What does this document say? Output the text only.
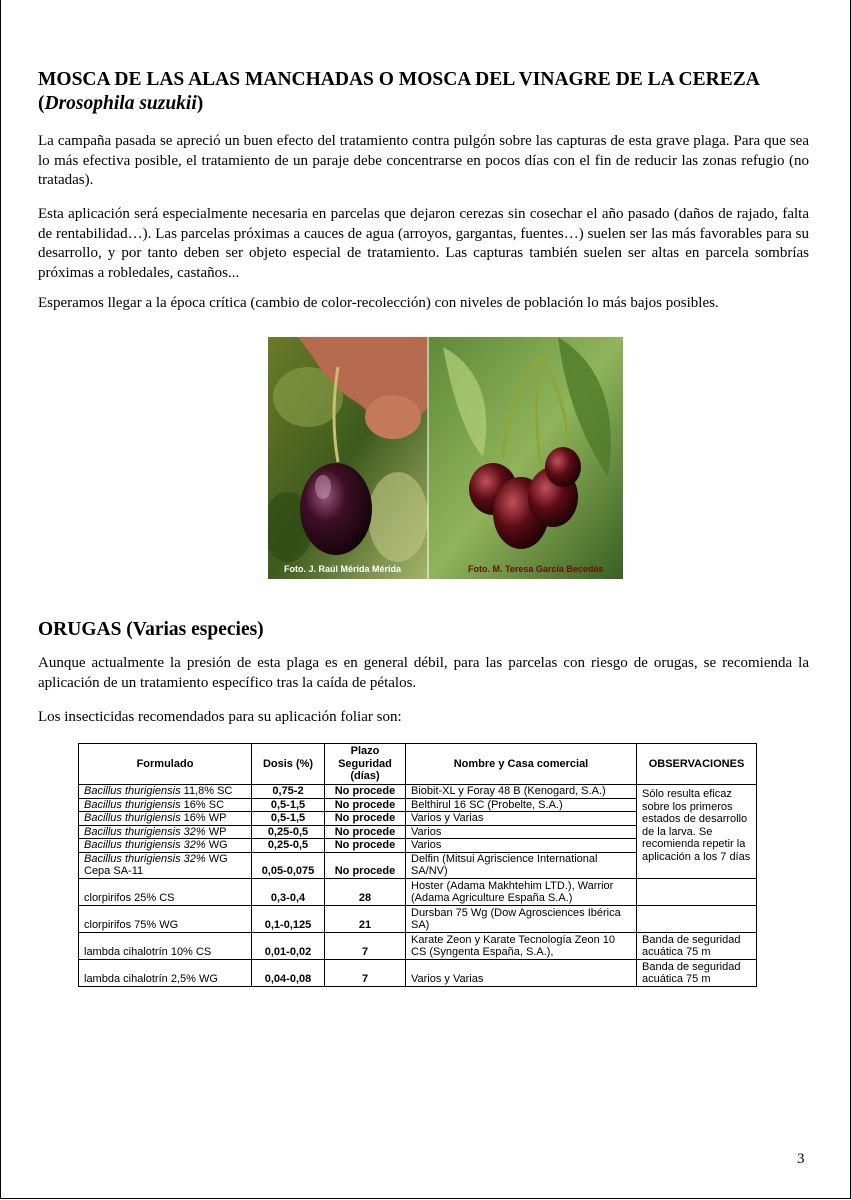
MOSCA DE LAS ALAS MANCHADAS O MOSCA DEL VINAGRE DE LA CEREZA
(Drosophila suzukii)
La campaña pasada se apreció un buen efecto del tratamiento contra pulgón sobre las capturas de esta grave plaga. Para que sea lo más efectiva posible, el tratamiento de un paraje debe concentrarse en pocos días con el fin de reducir las zonas refugio (no tratadas).
Esta aplicación será especialmente necesaria en parcelas que dejaron cerezas sin cosechar el año pasado (daños de rajado, falta de rentabilidad…). Las parcelas próximas a cauces de agua (arroyos, gargantas, fuentes…) suelen ser las más favorables para su desarrollo, y por tanto deben ser objeto especial de tratamiento. Las capturas también suelen ser altas en parcela sombrías próximas a robledales, castaños...
Esperamos llegar a la época crítica (cambio de color-recolección) con niveles de población lo más bajos posibles.
Foto. J. Raúl Mérida Mérida	Foto. M. Teresa García Becedas
ORUGAS (Varias especies)
Aunque actualmente la presión de esta plaga es en general débil, para las parcelas con riesgo de orugas, se recomienda la aplicación de un tratamiento específico tras la caída de pétalos.
Los insecticidas recomendados para su aplicación foliar son:
Formulado	Dosis (%)	Plazo Seguridad (días)	Nombre y Casa comercial	OBSERVACIONES
Bacillus thurigiensis 11,8% SC	0,75-2	No procede	Biobit-XL y Foray 48 B (Kenogard, S.A.)	Sólo resulta eficaz sobre los primeros estados de desarrollo de la larva. Se recomienda repetir la aplicación a los 7 días
Bacillus thurigiensis 16% SC	0,5-1,5	No procede	Belthirul 16 SC (Probelte, S.A.)	
Bacillus thurigiensis 16% WP	0,5-1,5	No procede	Varios y Varias	
Bacillus thurigiensis 32% WP	0,25-0,5	No procede	Varios	
Bacillus thurigiensis 32% WG	0,25-0,5	No procede	Varios	
Bacillus thurigiensis 32% WG Cepa SA-11	0,05-0,075	No procede	Delfin (Mitsui Agriscience International SA/NV)	
clorpirifos 25% CS	0,3-0,4	28	Hoster (Adama Makhtehim LTD.), Warrior (Adama Agriculture España S.A.)	
clorpirifos 75% WG	0,1-0,125	21	Dursban 75 Wg (Dow Agrosciences Ibérica SA)	
lambda cihalotrín 10% CS	0,01-0,02	7	Karate Zeon y Karate Tecnología Zeon 10 CS (Syngenta España, S.A.),	Banda de seguridad acuática 75 m
lambda cihalotrín 2,5% WG	0,04-0,08	7	Varios y Varias	Banda de seguridad acuática 75 m
3
